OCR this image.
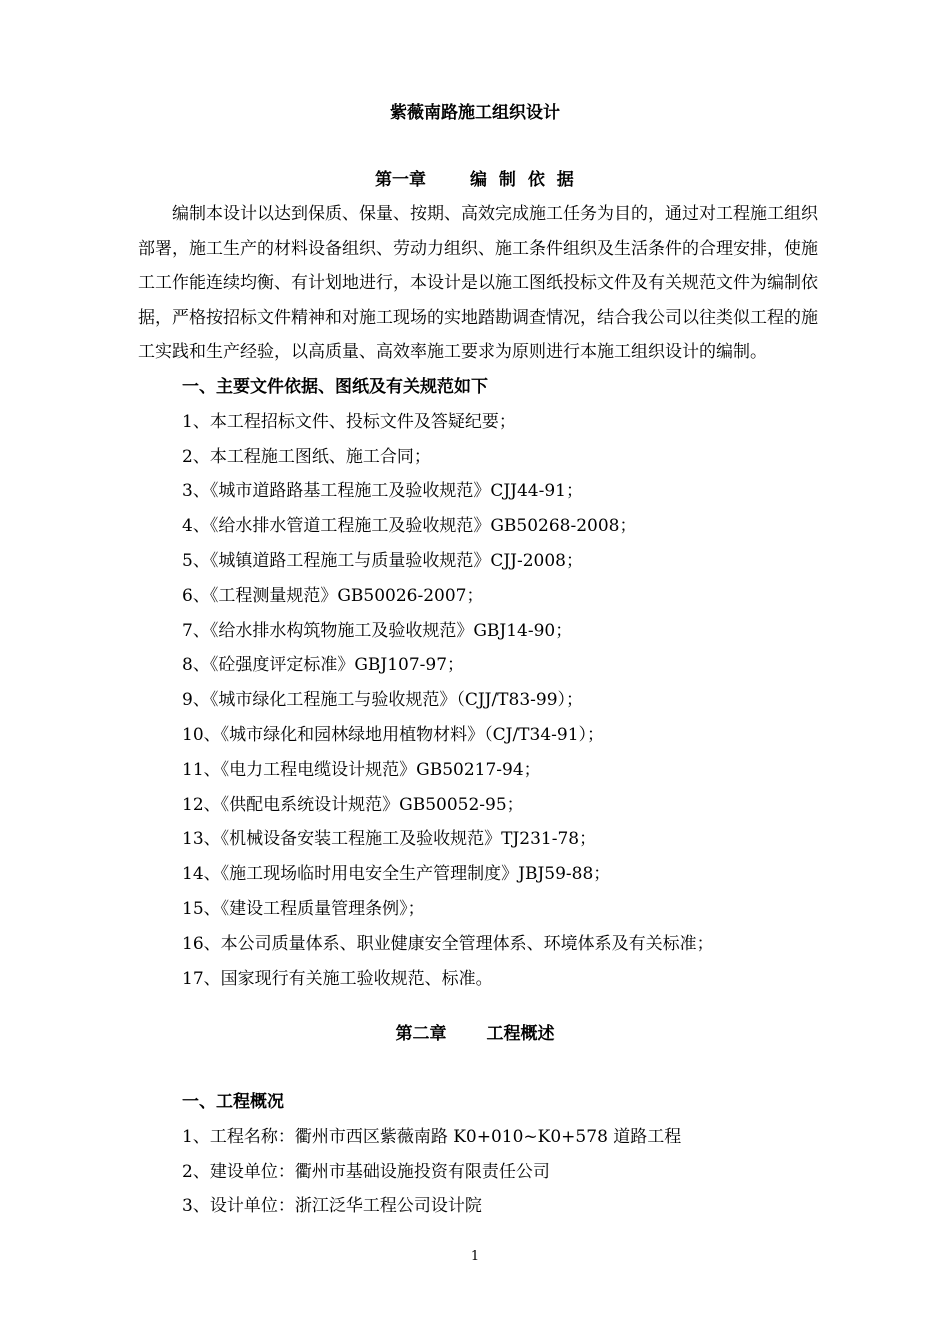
紫薇南路施工组织设计
第一章	编 制 依 据

编制本设计以达到保质、保量、按期、高效完成施工任务为目的，通过对工程施工组织部署，施工生产的材料设备组织、劳动力组织、施工条件组织及生活条件的合理安排，使施工工作能连续均衡、有计划地进行，本设计是以施工图纸投标文件及有关规范文件为编制依据，严格按招标文件精神和对施工现场的实地踏勘调查情况，结合我公司以往类似工程的施工实践和生产经验，以高质量、高效率施工要求为原则进行本施工组织设计的编制。

一、主要文件依据、图纸及有关规范如下

1、本工程招标文件、投标文件及答疑纪要；

2、本工程施工图纸、施工合同；

3、《城市道路路基工程施工及验收规范》CJJ44-91；

4、《给水排水管道工程施工及验收规范》GB50268-2008；

5、《城镇道路工程施工与质量验收规范》CJJ-2008；

6、《工程测量规范》GB50026-2007；

7、《给水排水构筑物施工及验收规范》GBJ14-90；

8、《砼强度评定标准》GBJ107-97；

9、《城市绿化工程施工与验收规范》（CJJ/T83-99）；

10、《城市绿化和园林绿地用植物材料》（CJ/T34-91）；

11、《电力工程电缆设计规范》GB50217-94；

12、《供配电系统设计规范》GB50052-95；

13、《机械设备安装工程施工及验收规范》TJ231-78；

14、《施工现场临时用电安全生产管理制度》JBJ59-88；

15、《建设工程质量管理条例》；

16、本公司质量体系、职业健康安全管理体系、环境体系及有关标准；

17、国家现行有关施工验收规范、标准。

第二章 工程概述

一、工程概况

1、工程名称：衢州市西区紫薇南路 K0+010~K0+578 道路工程

2、建设单位：衢州市基础设施投资有限责任公司

3、设计单位：浙江泛华工程公司设计院

1
